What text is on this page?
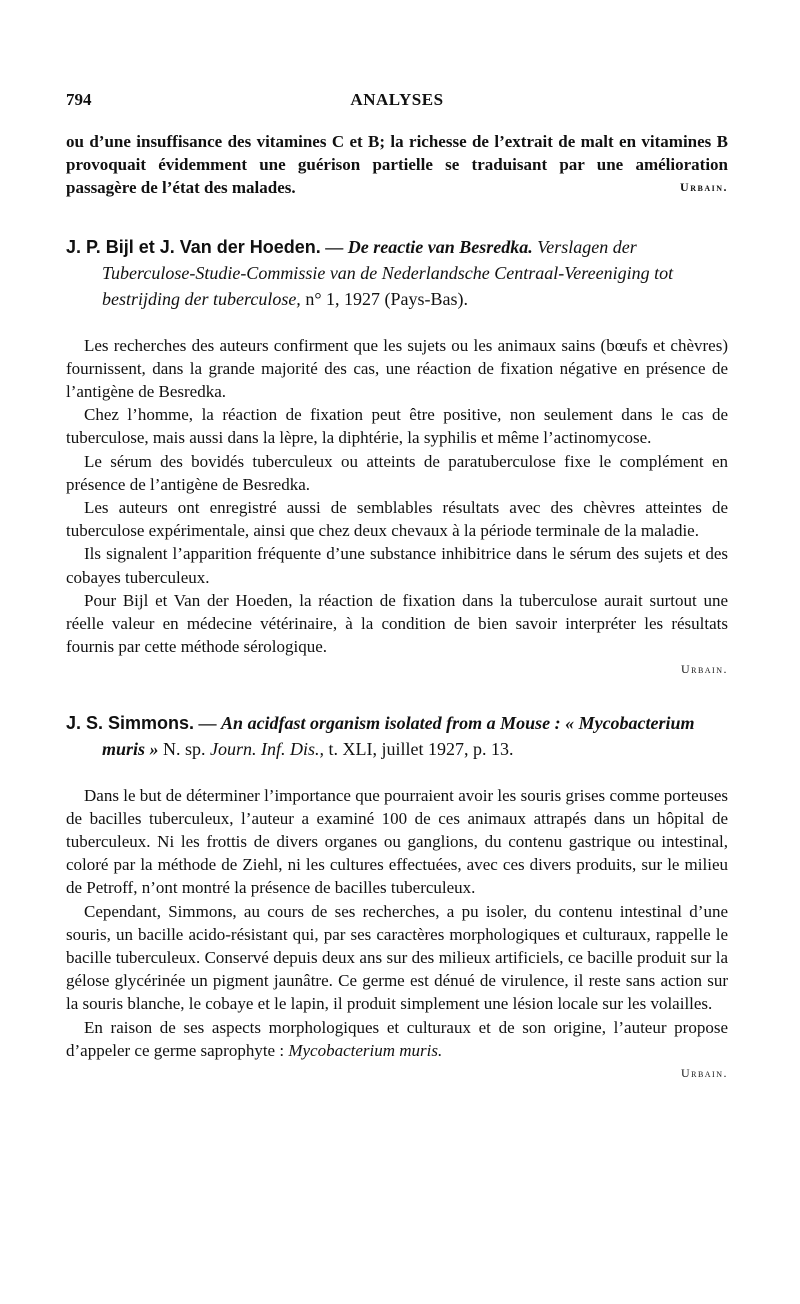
794	ANALYSES

ou d’une insuffisance des vitamines C et B; la richesse de l’extrait de malt en vitamines B provoquait évidemment une guérison partielle se traduisant par une amélioration passagère de l’état des malades.	Urbain.

J. P. Bijl et J. Van der Hoeden. — De reactie van Besredka. Verslagen der Tuberculose-Studie-Commissie van de Nederlandsche Centraal-Vereeniging tot bestrijding der tuberculose, n° 1, 1927 (Pays-Bas).

Les recherches des auteurs confirment que les sujets ou les animaux sains (bœufs et chèvres) fournissent, dans la grande majorité des cas, une réaction de fixation négative en présence de l’antigène de Besredka.

Chez l’homme, la réaction de fixation peut être positive, non seulement dans le cas de tuberculose, mais aussi dans la lèpre, la diphtérie, la syphilis et même l’actinomycose.

Le sérum des bovidés tuberculeux ou atteints de paratuberculose fixe le complément en présence de l’antigène de Besredka.

Les auteurs ont enregistré aussi de semblables résultats avec des chèvres atteintes de tuberculose expérimentale, ainsi que chez deux chevaux à la période terminale de la maladie.

Ils signalent l’apparition fréquente d’une substance inhibitrice dans le sérum des sujets et des cobayes tuberculeux.

Pour Bijl et Van der Hoeden, la réaction de fixation dans la tuberculose aurait surtout une réelle valeur en médecine vétérinaire, à la condition de bien savoir interpréter les résultats fournis par cette méthode sérologique.

Urbain.

J. S. Simmons. — An acidfast organism isolated from a Mouse : « Mycobacterium muris » N. sp. Journ. Inf. Dis., t. XLI, juillet 1927, p. 13.

Dans le but de déterminer l’importance que pourraient avoir les souris grises comme porteuses de bacilles tuberculeux, l’auteur a examiné 100 de ces animaux attrapés dans un hôpital de tuberculeux. Ni les frottis de divers organes ou ganglions, du contenu gastrique ou intestinal, coloré par la méthode de Ziehl, ni les cultures effectuées, avec ces divers produits, sur le milieu de Petroff, n’ont montré la présence de bacilles tuberculeux.

Cependant, Simmons, au cours de ses recherches, a pu isoler, du contenu intestinal d’une souris, un bacille acido-résistant qui, par ses caractères morphologiques et culturaux, rappelle le bacille tuberculeux. Conservé depuis deux ans sur des milieux artificiels, ce bacille produit sur la gélose glycérinée un pigment jaunâtre. Ce germe est dénué de virulence, il reste sans action sur la souris blanche, le cobaye et le lapin, il produit simplement une lésion locale sur les volailles.

En raison de ses aspects morphologiques et culturaux et de son origine, l’auteur propose d’appeler ce germe saprophyte : Mycobacterium muris.

Urbain.
